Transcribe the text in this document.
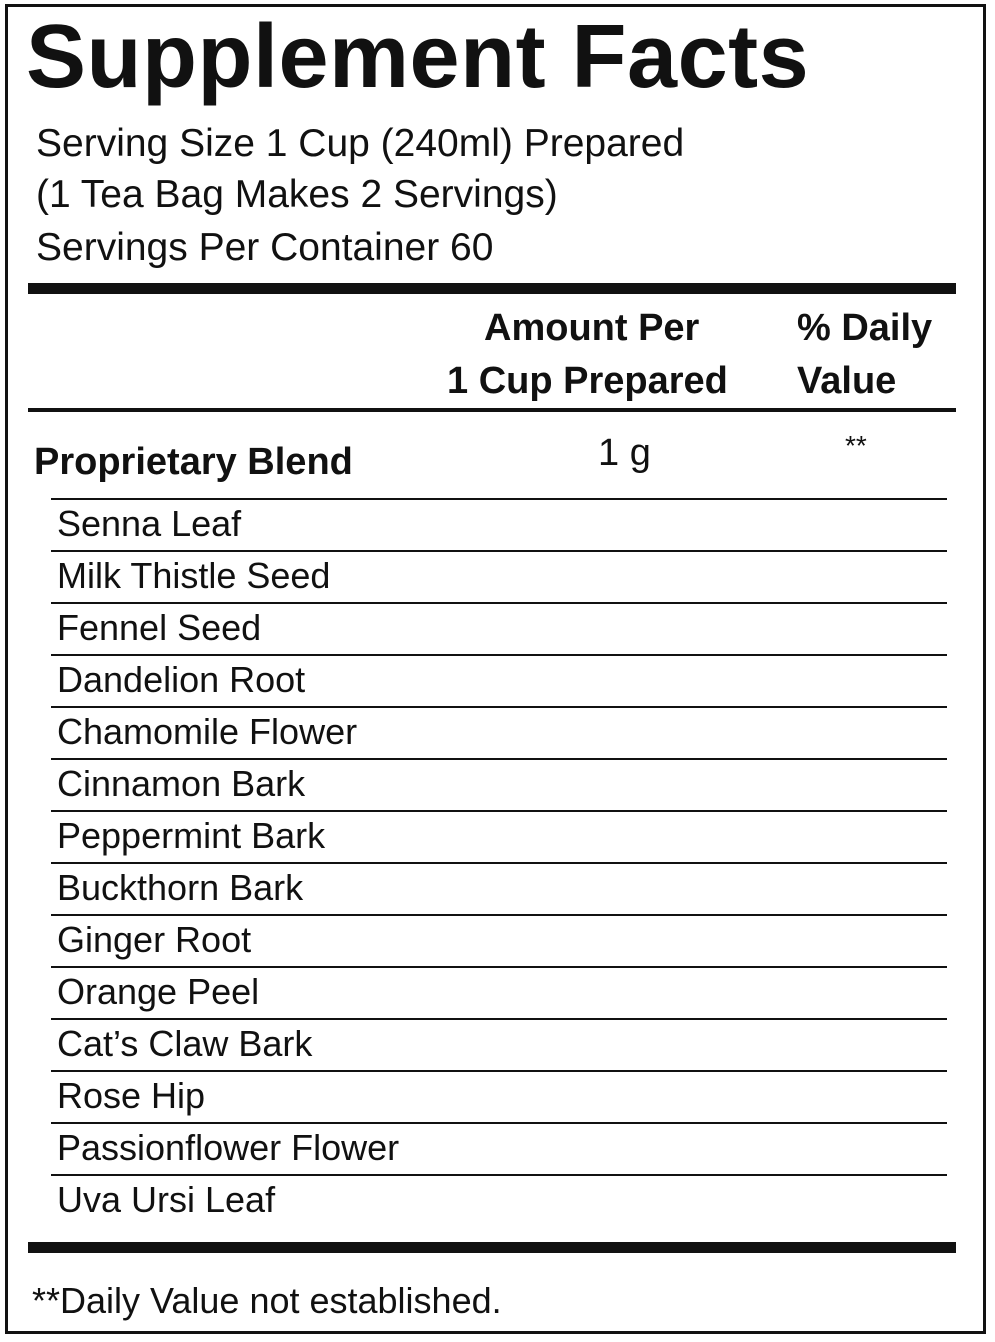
Supplement Facts
Serving Size 1 Cup (240ml) Prepared
(1 Tea Bag Makes 2 Servings)
Servings Per Container 60
Amount Per
1 Cup Prepared
% Daily
Value
Proprietary Blend	1 g	**
Senna Leaf
Milk Thistle Seed
Fennel Seed
Dandelion Root
Chamomile Flower
Cinnamon Bark
Peppermint Bark
Buckthorn Bark
Ginger Root
Orange Peel
Cat’s Claw Bark
Rose Hip
Passionflower Flower
Uva Ursi Leaf
**Daily Value not established.
